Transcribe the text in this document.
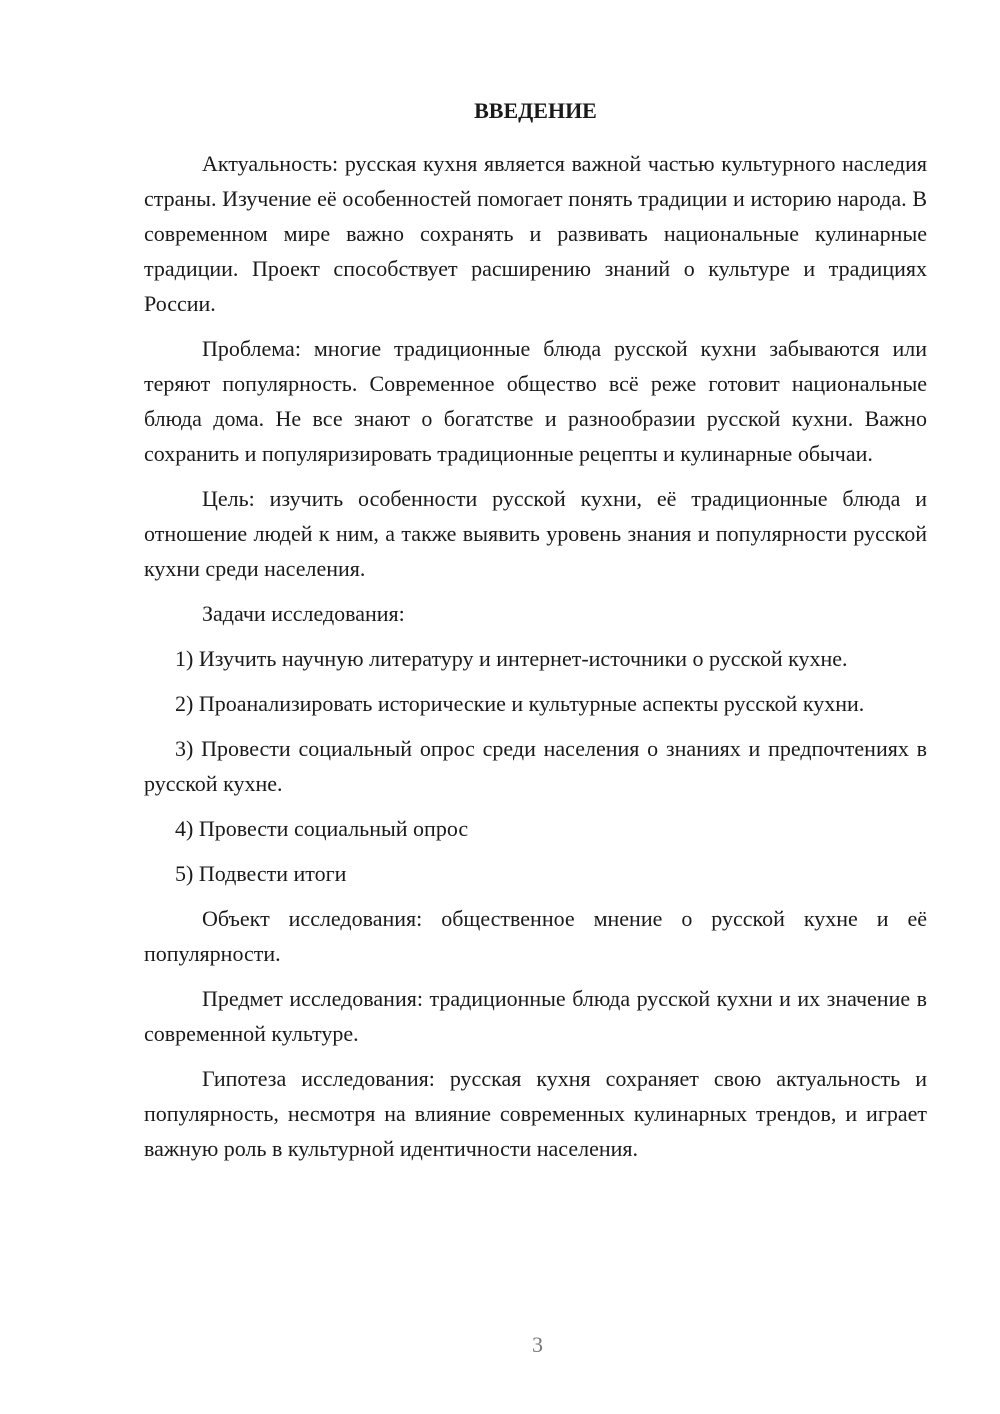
ВВЕДЕНИЕ

Актуальность: русская кухня является важной частью культурного наследия страны. Изучение её особенностей помогает понять традиции и историю народа. В современном мире важно сохранять и развивать национальные кулинарные традиции. Проект способствует расширению знаний о культуре и традициях России.

Проблема: многие традиционные блюда русской кухни забываются или теряют популярность. Современное общество всё реже готовит национальные блюда дома. Не все знают о богатстве и разнообразии русской кухни. Важно сохранить и популяризировать традиционные рецепты и кулинарные обычаи.

Цель: изучить особенности русской кухни, её традиционные блюда и отношение людей к ним, а также выявить уровень знания и популярности русской кухни среди населения.

Задачи исследования:

1) Изучить научную литературу и интернет-источники о русской кухне.

2) Проанализировать исторические и культурные аспекты русской кухни.

3) Провести социальный опрос среди населения о знаниях и предпочтениях в русской кухне.

4) Провести социальный опрос

5) Подвести итоги

Объект исследования: общественное мнение о русской кухне и её популярности.

Предмет исследования: традиционные блюда русской кухни и их значение в современной культуре.

Гипотеза исследования: русская кухня сохраняет свою актуальность и популярность, несмотря на влияние современных кулинарных трендов, и играет важную роль в культурной идентичности населения.

3
